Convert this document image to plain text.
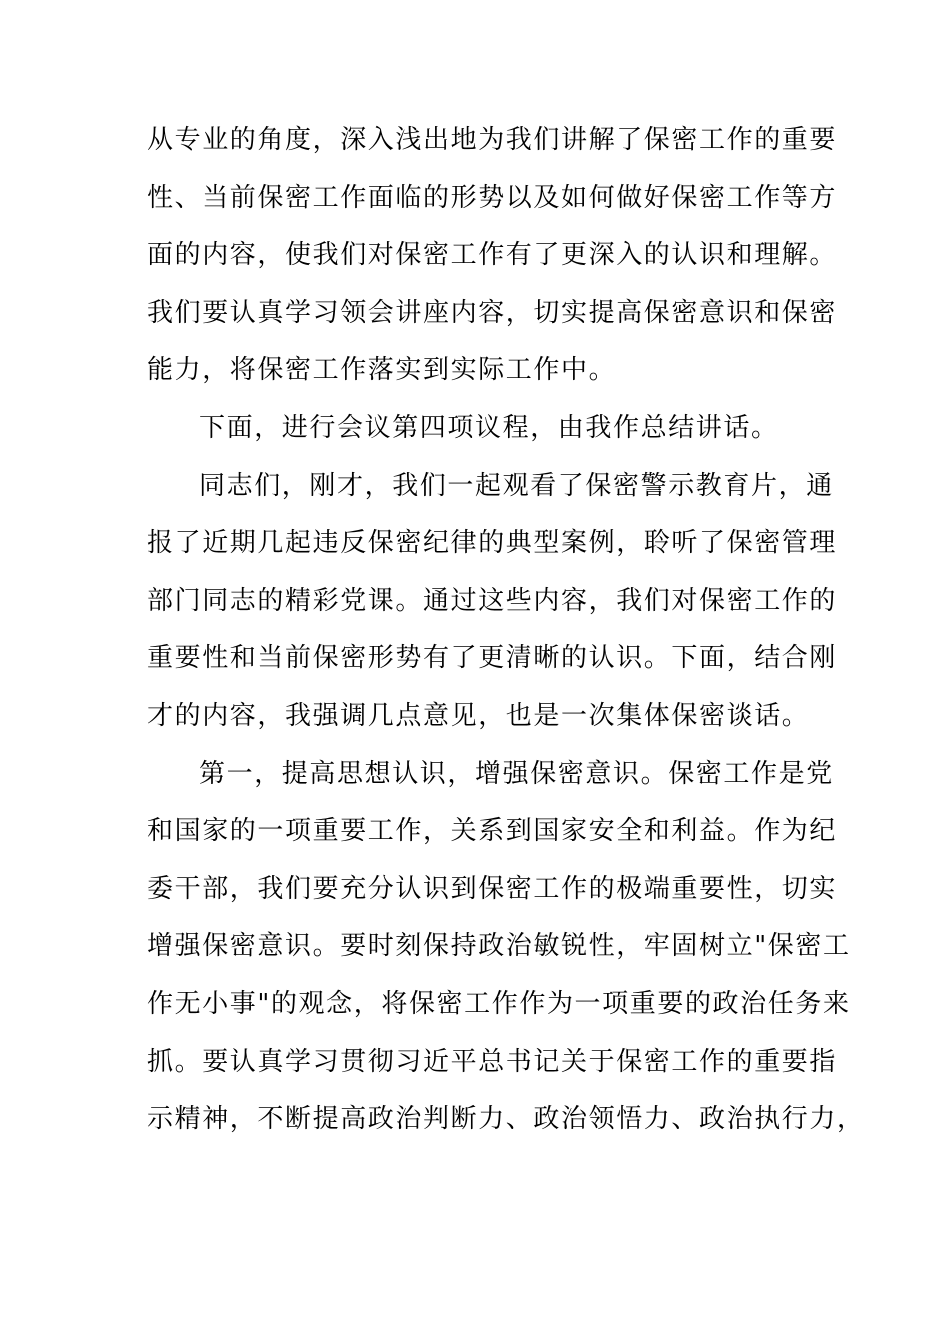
从专业的角度，深入浅出地为我们讲解了保密工作的重要
性、当前保密工作面临的形势以及如何做好保密工作等方
面的内容，使我们对保密工作有了更深入的认识和理解。
我们要认真学习领会讲座内容，切实提高保密意识和保密
能力，将保密工作落实到实际工作中。
下面，进行会议第四项议程，由我作总结讲话。
同志们，刚才，我们一起观看了保密警示教育片，通
报了近期几起违反保密纪律的典型案例，聆听了保密管理
部门同志的精彩党课。通过这些内容，我们对保密工作的
重要性和当前保密形势有了更清晰的认识。下面，结合刚
才的内容，我强调几点意见，也是一次集体保密谈话。
第一，提高思想认识，增强保密意识。保密工作是党
和国家的一项重要工作，关系到国家安全和利益。作为纪
委干部，我们要充分认识到保密工作的极端重要性，切实
增强保密意识。要时刻保持政治敏锐性，牢固树立"保密工
作无小事"的观念，将保密工作作为一项重要的政治任务来
抓。要认真学习贯彻习近平总书记关于保密工作的重要指
示精神，不断提高政治判断力、政治领悟力、政治执行力，
